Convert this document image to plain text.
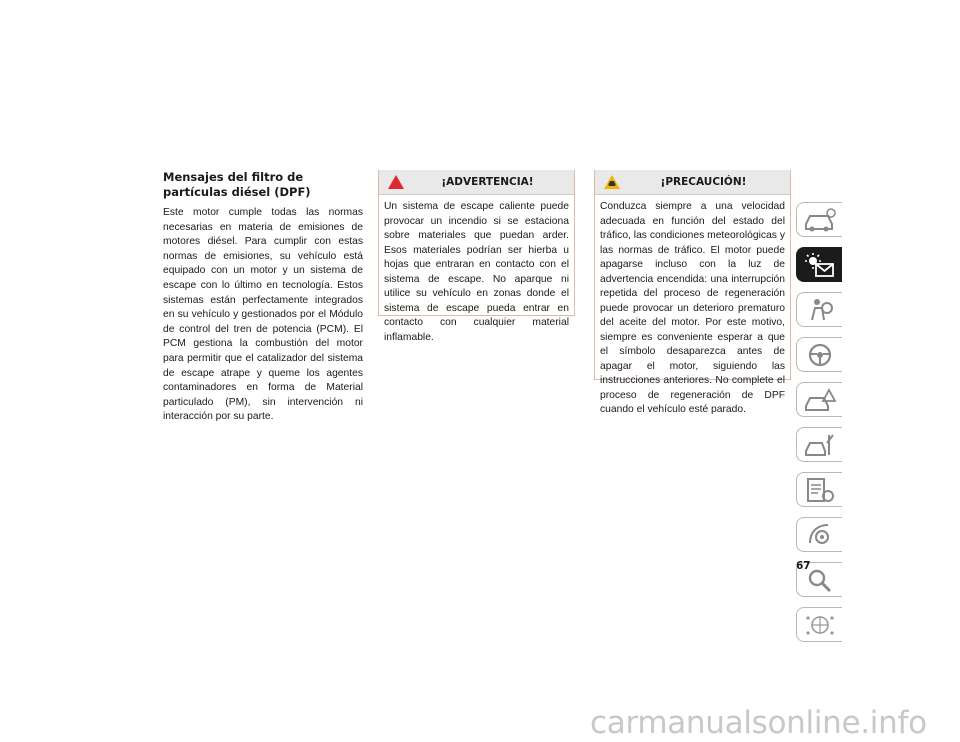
Mensajes del filtro de partículas diésel (DPF)

Este motor cumple todas las normas necesarias en materia de emisiones de motores diésel. Para cumplir con estas normas de emisiones, su vehículo está equipado con un motor y un sistema de escape con lo último en tecnología. Estos sistemas están perfectamente integrados en su vehículo y gestionados por el Módulo de control del tren de potencia (PCM). El PCM gestiona la combustión del motor para permitir que el catalizador del sistema de escape atrape y queme los agentes contaminadores en forma de Material particulado (PM), sin intervención ni interacción por su parte.

¡ADVERTENCIA!

Un sistema de escape caliente puede provocar un incendio si se estaciona sobre materiales que puedan arder. Esos materiales podrían ser hierba u hojas que entraran en contacto con el sistema de escape. No aparque ni utilice su vehículo en zonas donde el sistema de escape pueda entrar en contacto con cualquier material inflamable.

¡PRECAUCIÓN!

Conduzca siempre a una velocidad adecuada en función del estado del tráfico, las condiciones meteorológicas y las normas de tráfico. El motor puede apagarse incluso con la luz de advertencia encendida: una interrupción repetida del proceso de regeneración puede provocar un deterioro prematuro del aceite del motor. Por este motivo, siempre es conveniente esperar a que el símbolo desaparezca antes de apagar el motor, siguiendo las instrucciones anteriores. No complete el proceso de regeneración de DPF cuando el vehículo esté parado.

67
carmanualsonline.info
